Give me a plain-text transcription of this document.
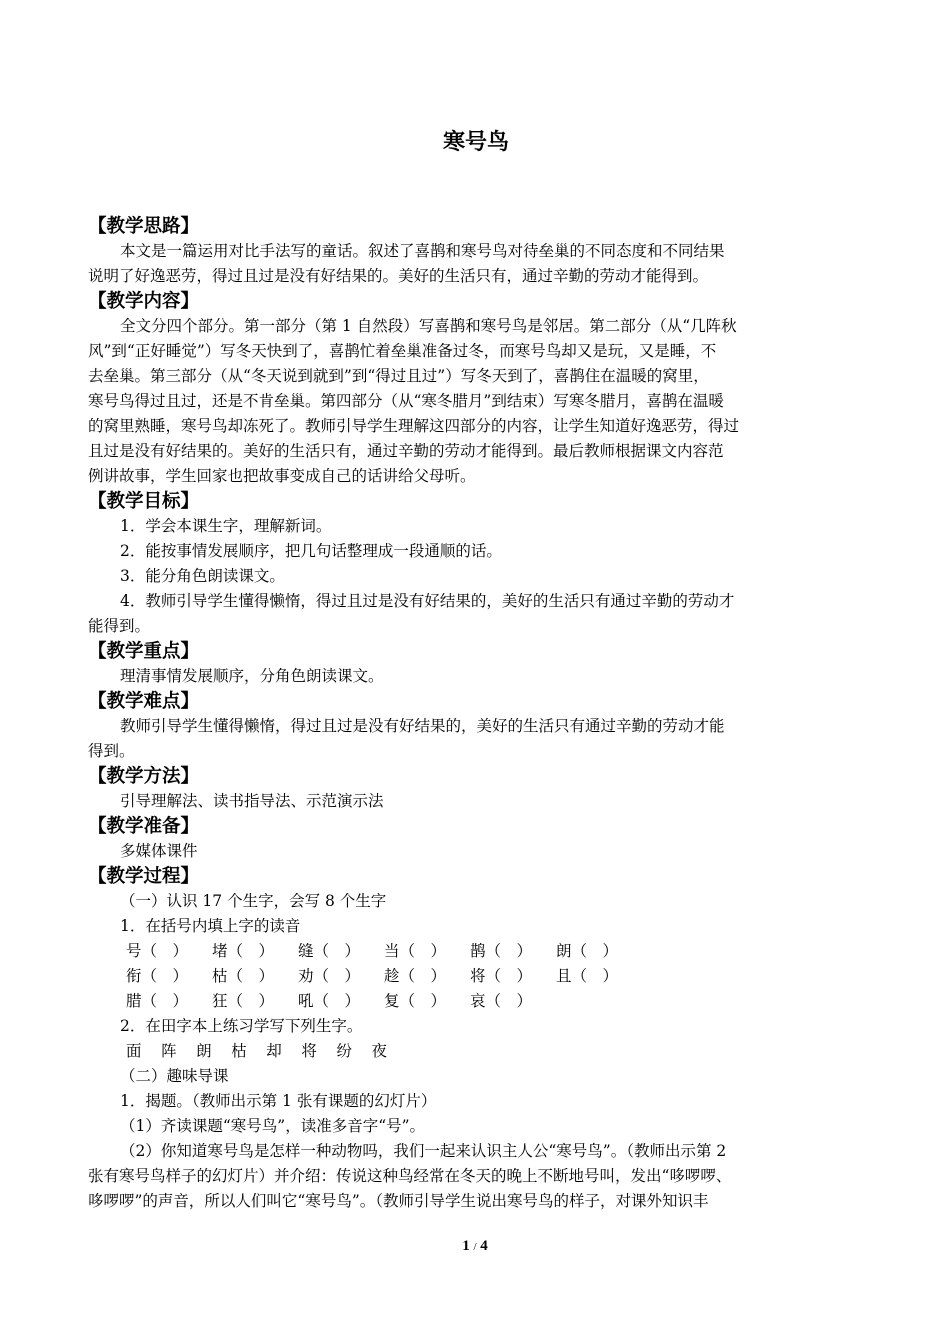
寒号鸟
【教学思路】
本文是一篇运用对比手法写的童话。叙述了喜鹊和寒号鸟对待垒巢的不同态度和不同结果
说明了好逸恶劳，得过且过是没有好结果的。美好的生活只有，通过辛勤的劳动才能得到。
【教学内容】
全文分四个部分。第一部分（第 1 自然段）写喜鹊和寒号鸟是邻居。第二部分（从“几阵秋
风”到“正好睡觉”）写冬天快到了，喜鹊忙着垒巢准备过冬，而寒号鸟却又是玩，又是睡，不
去垒巢。第三部分（从“冬天说到就到”到“得过且过”）写冬天到了，喜鹊住在温暖的窝里，
寒号鸟得过且过，还是不肯垒巢。第四部分（从“寒冬腊月”到结束）写寒冬腊月，喜鹊在温暖
的窝里熟睡，寒号鸟却冻死了。教师引导学生理解这四部分的内容，让学生知道好逸恶劳，得过
且过是没有好结果的。美好的生活只有，通过辛勤的劳动才能得到。最后教师根据课文内容范
例讲故事，学生回家也把故事变成自己的话讲给父母听。
【教学目标】
1．学会本课生字，理解新词。
2．能按事情发展顺序，把几句话整理成一段通顺的话。
3．能分角色朗读课文。
4．教师引导学生懂得懒惰，得过且过是没有好结果的，美好的生活只有通过辛勤的劳动才
能得到。
【教学重点】
理清事情发展顺序，分角色朗读课文。
【教学难点】
教师引导学生懂得懒惰，得过且过是没有好结果的，美好的生活只有通过辛勤的劳动才能
得到。
【教学方法】
引导理解法、读书指导法、示范演示法
【教学准备】
多媒体课件
【教学过程】
（一）认识 17 个生字，会写 8 个生字
1．在括号内填上字的读音
号（　）	堵（　）	缝（　）	当（　）	鹊（　）	朗（　）
衔（　）	枯（　）	劝（　）	趁（　）	将（　）	且（　）
腊（　）	狂（　）	吼（　）	复（　）	哀（　）
2．在田字本上练习学写下列生字。
面 阵 朗 枯 却 将 纷 夜
（二）趣味导课
1．揭题。（教师出示第 1 张有课题的幻灯片）
（1）齐读课题“寒号鸟”，读准多音字“号”。
（2）你知道寒号鸟是怎样一种动物吗，我们一起来认识主人公“寒号鸟”。（教师出示第 2
张有寒号鸟样子的幻灯片）并介绍：传说这种鸟经常在冬天的晚上不断地号叫，发出“哆啰啰、
哆啰啰”的声音，所以人们叫它“寒号鸟”。（教师引导学生说出寒号鸟的样子，对课外知识丰
1 / 4
